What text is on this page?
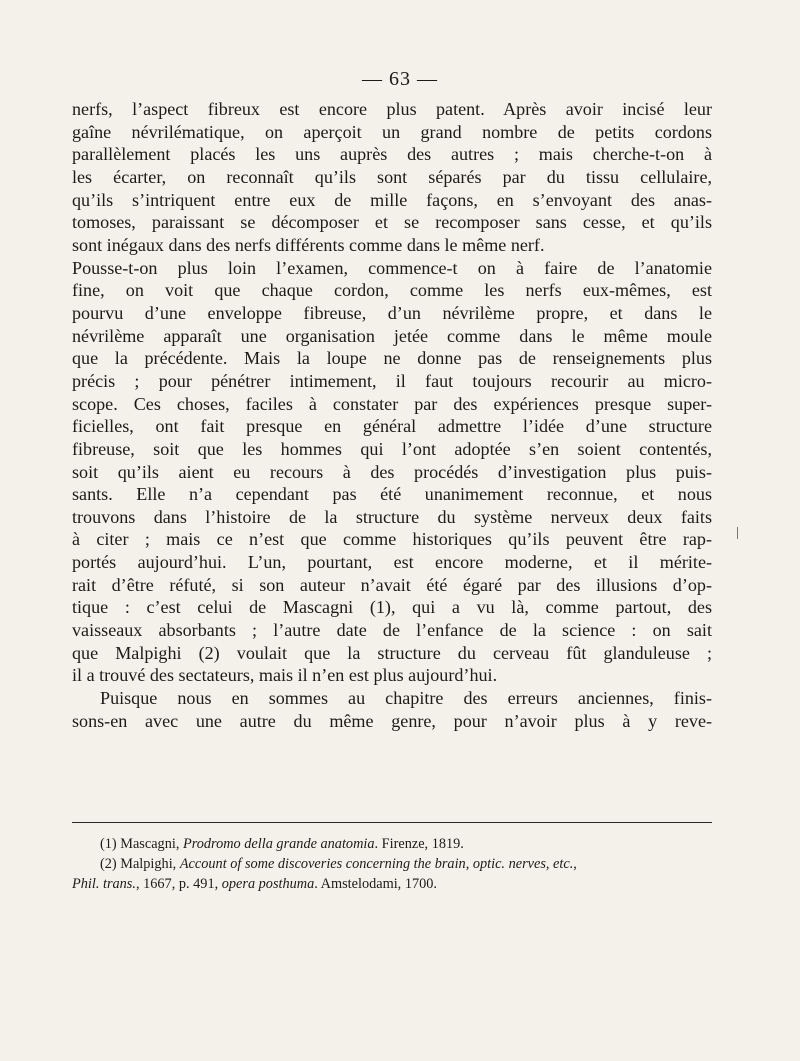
— 63 —
nerfs, l’aspect fibreux est encore plus patent. Après avoir incisé leur
gaîne névrilématique, on aperçoit un grand nombre de petits cordons
parallèlement placés les uns auprès des autres ; mais cherche-t-on à
les écarter, on reconnaît qu’ils sont séparés par du tissu cellulaire,
qu’ils s’intriquent entre eux de mille façons, en s’envoyant des anas-
tomoses, paraissant se décomposer et se recomposer sans cesse, et qu’ils
sont inégaux dans des nerfs différents comme dans le même nerf.
Pousse-t-on plus loin l’examen, commence-t on à faire de l’anatomie
fine, on voit que chaque cordon, comme les nerfs eux-mêmes, est
pourvu d’une enveloppe fibreuse, d’un névrilème propre, et dans le
névrilème apparaît une organisation jetée comme dans le même moule
que la précédente. Mais la loupe ne donne pas de renseignements plus
précis ; pour pénétrer intimement, il faut toujours recourir au micro-
scope. Ces choses, faciles à constater par des expériences presque super-
ficielles, ont fait presque en général admettre l’idée d’une structure
fibreuse, soit que les hommes qui l’ont adoptée s’en soient contentés,
soit qu’ils aient eu recours à des procédés d’investigation plus puis-
sants. Elle n’a cependant pas été unanimement reconnue, et nous
trouvons dans l’histoire de la structure du système nerveux deux faits
à citer ; mais ce n’est que comme historiques qu’ils peuvent être rap-
portés aujourd’hui. L’un, pourtant, est encore moderne, et il mérite-
rait d’être réfuté, si son auteur n’avait été égaré par des illusions d’op-
tique : c’est celui de Mascagni (1), qui a vu là, comme partout, des
vaisseaux absorbants ; l’autre date de l’enfance de la science : on sait
que Malpighi (2) voulait que la structure du cerveau fût glanduleuse ;
il a trouvé des sectateurs, mais il n’en est plus aujourd’hui.
Puisque nous en sommes au chapitre des erreurs anciennes, finis-
sons-en avec une autre du même genre, pour n’avoir plus à y reve-
(1) Mascagni, Prodromo della grande anatomia. Firenze, 1819.
(2) Malpighi, Account of some discoveries concerning the brain, optic. nerves, etc.,
Phil. trans., 1667, p. 491, opera posthuma. Amstelodami, 1700.
